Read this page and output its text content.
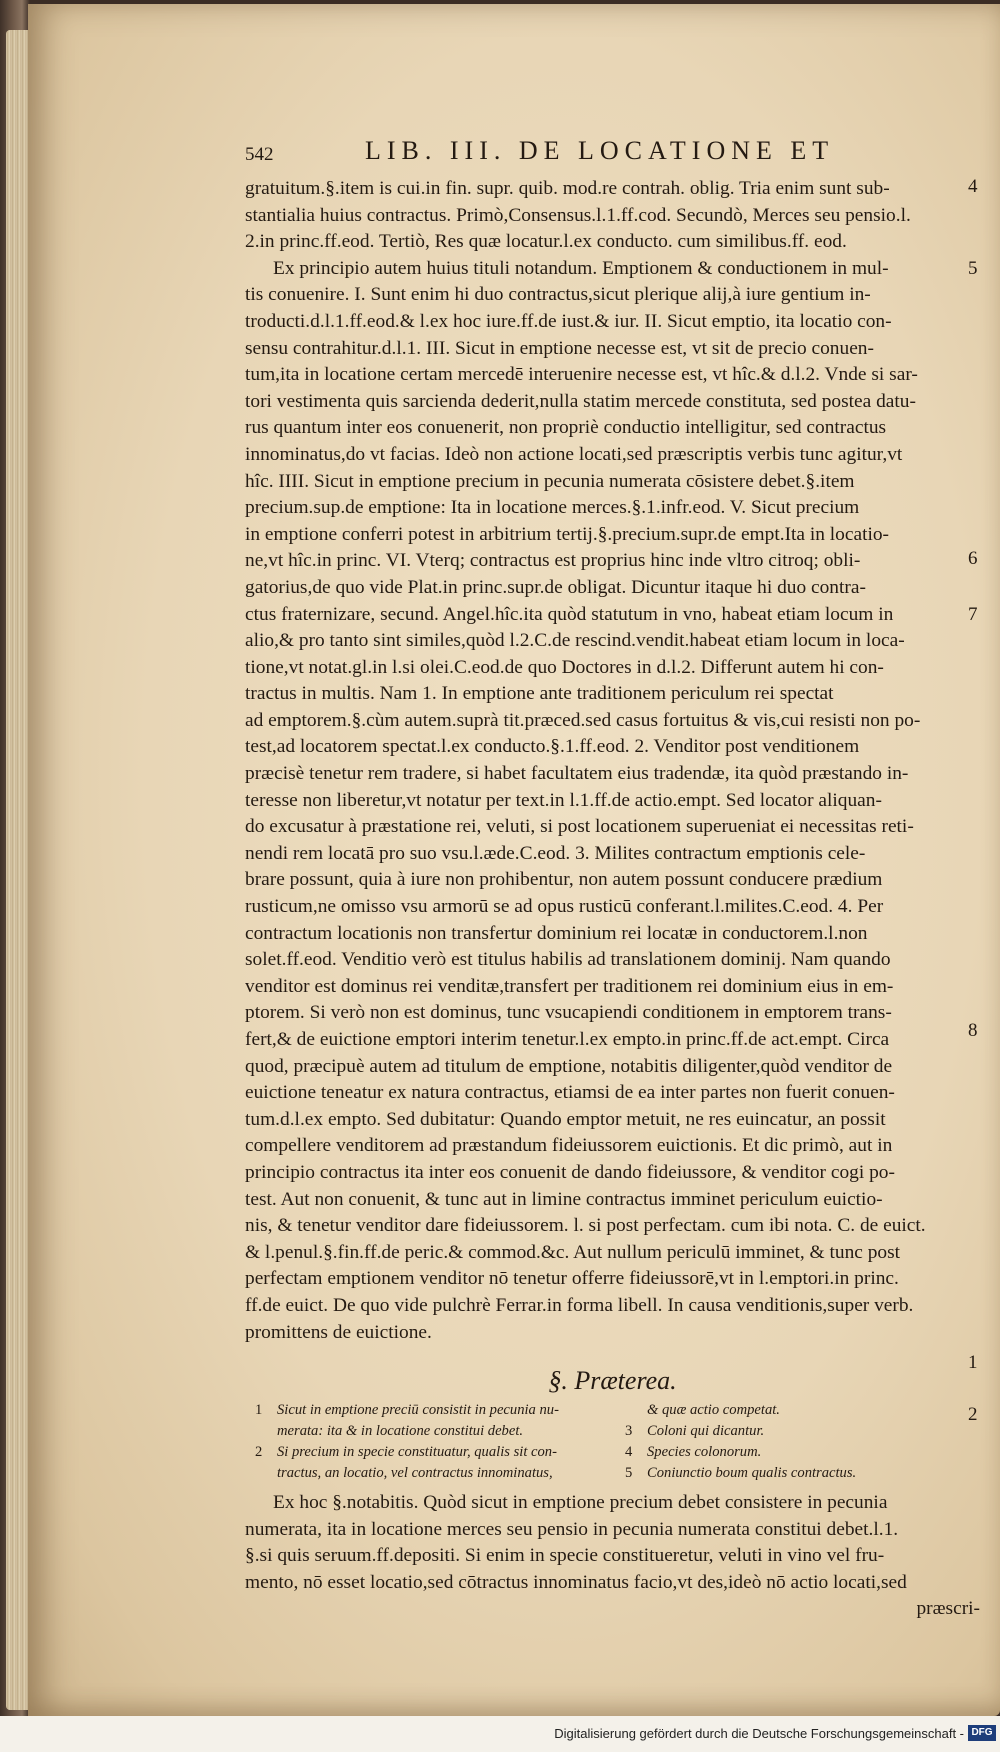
542	LIB. III. DE LOCATIONE ET
gratuitum.§.item is cui.in fin. supr. quib. mod.re contrah. oblig. Tria enim sunt sub-
stantialia huius contractus. Primò,Consensus.l.1.ff.cod. Secundò, Merces seu pensio.l.
2.in princ.ff.eod. Tertiò, Res quæ locatur.l.ex conducto. cum similibus.ff. eod.
Ex principio autem huius tituli notandum. Emptionem & conductionem in mul-
tis conuenire. I. Sunt enim hi duo contractus,sicut plerique alij,à iure gentium in-
troducti.d.l.1.ff.eod.& l.ex hoc iure.ff.de iust.& iur. II. Sicut emptio, ita locatio con-
sensu contrahitur.d.l.1. III. Sicut in emptione necesse est, vt sit de precio conuen-
tum,ita in locatione certam mercedē interuenire necesse est, vt hîc.& d.l.2. Vnde si sar-
tori vestimenta quis sarcienda dederit,nulla statim mercede constituta, sed postea datu-
rus quantum inter eos conuenerit, non propriè conductio intelligitur, sed contractus
innominatus,do vt facias. Ideò non actione locati,sed præscriptis verbis tunc agitur,vt
hîc. IIII. Sicut in emptione precium in pecunia numerata cōsistere debet.§.item
precium.sup.de emptione: Ita in locatione merces.§.1.infr.eod. V. Sicut precium
in emptione conferri potest in arbitrium tertij.§.precium.supr.de empt.Ita in locatio-
ne,vt hîc.in princ. VI. Vterq; contractus est proprius hinc inde vltro citroq; obli-
gatorius,de quo vide Plat.in princ.supr.de obligat. Dicuntur itaque hi duo contra-
ctus fraternizare, secund. Angel.hîc.ita quòd statutum in vno, habeat etiam locum in
alio,& pro tanto sint similes,quòd l.2.C.de rescind.vendit.habeat etiam locum in loca-
tione,vt notat.gl.in l.si olei.C.eod.de quo Doctores in d.l.2. Differunt autem hi con-
tractus in multis. Nam 1. In emptione ante traditionem periculum rei spectat
ad emptorem.§.cùm autem.suprà tit.præced.sed casus fortuitus & vis,cui resisti non po-
test,ad locatorem spectat.l.ex conducto.§.1.ff.eod. 2. Venditor post venditionem
præcisè tenetur rem tradere, si habet facultatem eius tradendæ, ita quòd præstando in-
teresse non liberetur,vt notatur per text.in l.1.ff.de actio.empt. Sed locator aliquan-
do excusatur à præstatione rei, veluti, si post locationem superueniat ei necessitas reti-
nendi rem locatā pro suo vsu.l.æde.C.eod. 3. Milites contractum emptionis cele-
brare possunt, quia à iure non prohibentur, non autem possunt conducere prædium
rusticum,ne omisso vsu armorū se ad opus rusticū conferant.l.milites.C.eod. 4. Per
contractum locationis non transfertur dominium rei locatæ in conductorem.l.non
solet.ff.eod. Venditio verò est titulus habilis ad translationem dominij. Nam quando
venditor est dominus rei venditæ,transfert per traditionem rei dominium eius in em-
ptorem. Si verò non est dominus, tunc vsucapiendi conditionem in emptorem trans-
fert,& de euictione emptori interim tenetur.l.ex empto.in princ.ff.de act.empt. Circa
quod, præcipuè autem ad titulum de emptione, notabitis diligenter,quòd venditor de
euictione teneatur ex natura contractus, etiamsi de ea inter partes non fuerit conuen-
tum.d.l.ex empto. Sed dubitatur: Quando emptor metuit, ne res euincatur, an possit
compellere venditorem ad præstandum fideiussorem euictionis. Et dic primò, aut in
principio contractus ita inter eos conuenit de dando fideiussore, & venditor cogi po-
test. Aut non conuenit, & tunc aut in limine contractus imminet periculum euictio-
nis, & tenetur venditor dare fideiussorem. l. si post perfectam. cum ibi nota. C. de euict.
& l.penul.§.fin.ff.de peric.& commod.&c. Aut nullum periculū imminet, & tunc post
perfectam emptionem venditor nō tenetur offerre fideiussorē,vt in l.emptori.in princ.
ff.de euict. De quo vide pulchrè Ferrar.in forma libell. In causa venditionis,super verb.
promittens de euictione.
§. Præterea.
1 Sicut in emptione preciū consistit in pecunia nu-
merata: ita & in locatione constitui debet.
2 Si precium in specie constituatur, qualis sit con-
tractus, an locatio, vel contractus innominatus,
& quæ actio competat.
3 Coloni qui dicantur.
4 Species colonorum.
5 Coniunctio boum qualis contractus.
Ex hoc §.notabitis. Quòd sicut in emptione precium debet consistere in pecunia
numerata, ita in locatione merces seu pensio in pecunia numerata constitui debet.l.1.
§.si quis seruum.ff.depositi. Si enim in specie constitueretur, veluti in vino vel fru-
mento, nō esset locatio,sed cōtractus innominatus facio,vt des,ideò nō actio locati,sed
præscri-
4
5
6
7
8
1
2
Digitalisierung gefördert durch die Deutsche Forschungsgemeinschaft - DFG
